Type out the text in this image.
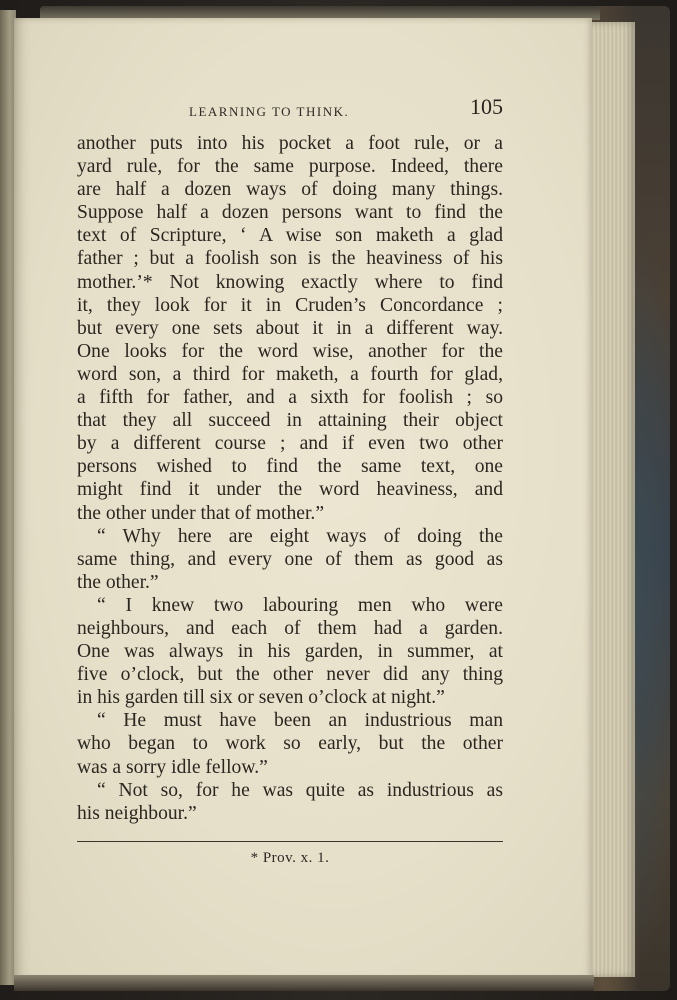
LEARNING TO THINK.	105
another puts into his pocket a foot rule, or a
yard rule, for the same purpose. Indeed, there
are half a dozen ways of doing many things.
Suppose half a dozen persons want to find the
text of Scripture, ‘ A wise son maketh a glad
father ; but a foolish son is the heaviness of his
mother.’* Not knowing exactly where to find
it, they look for it in Cruden’s Concordance ;
but every one sets about it in a different way.
One looks for the word wise, another for the
word son, a third for maketh, a fourth for glad,
a fifth for father, and a sixth for foolish ; so
that they all succeed in attaining their object
by a different course ; and if even two other
persons wished to find the same text, one
might find it under the word heaviness, and
the other under that of mother.”
“ Why here are eight ways of doing the
same thing, and every one of them as good as
the other.”
“ I knew two labouring men who were
neighbours, and each of them had a garden.
One was always in his garden, in summer, at
five o’clock, but the other never did any thing
in his garden till six or seven o’clock at night.”
“ He must have been an industrious man
who began to work so early, but the other
was a sorry idle fellow.”
“ Not so, for he was quite as industrious as
his neighbour.”
* Prov. x. 1.
